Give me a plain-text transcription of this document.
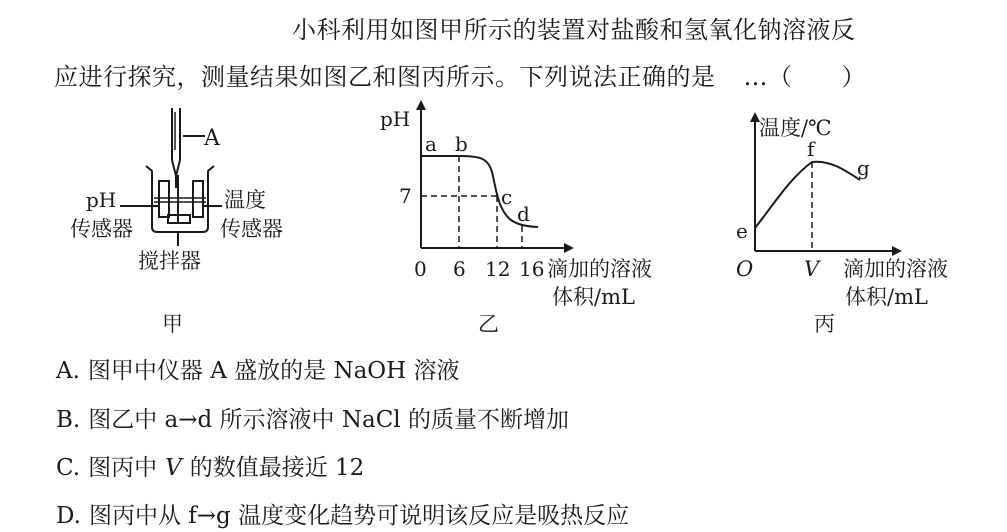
小科利用如图甲所示的装置对盐酸和氢氧化钠溶液反
应进行探究，测量结果如图乙和图丙所示。下列说法正确的是 …（　　）
A
pH
传感器
温度
传感器
搅拌器
甲
pH
7
0 6 12 16 滴加的溶液
体积/mL
a b
c
d
乙
温度/℃
O V 滴加的溶液
体积/mL
e
f
g
丙
A. 图甲中仪器 A 盛放的是 NaOH 溶液
B. 图乙中 a→d 所示溶液中 NaCl 的质量不断增加
C. 图丙中 V 的数值最接近 12
D. 图丙中从 f→g 温度变化趋势可说明该反应是吸热反应
